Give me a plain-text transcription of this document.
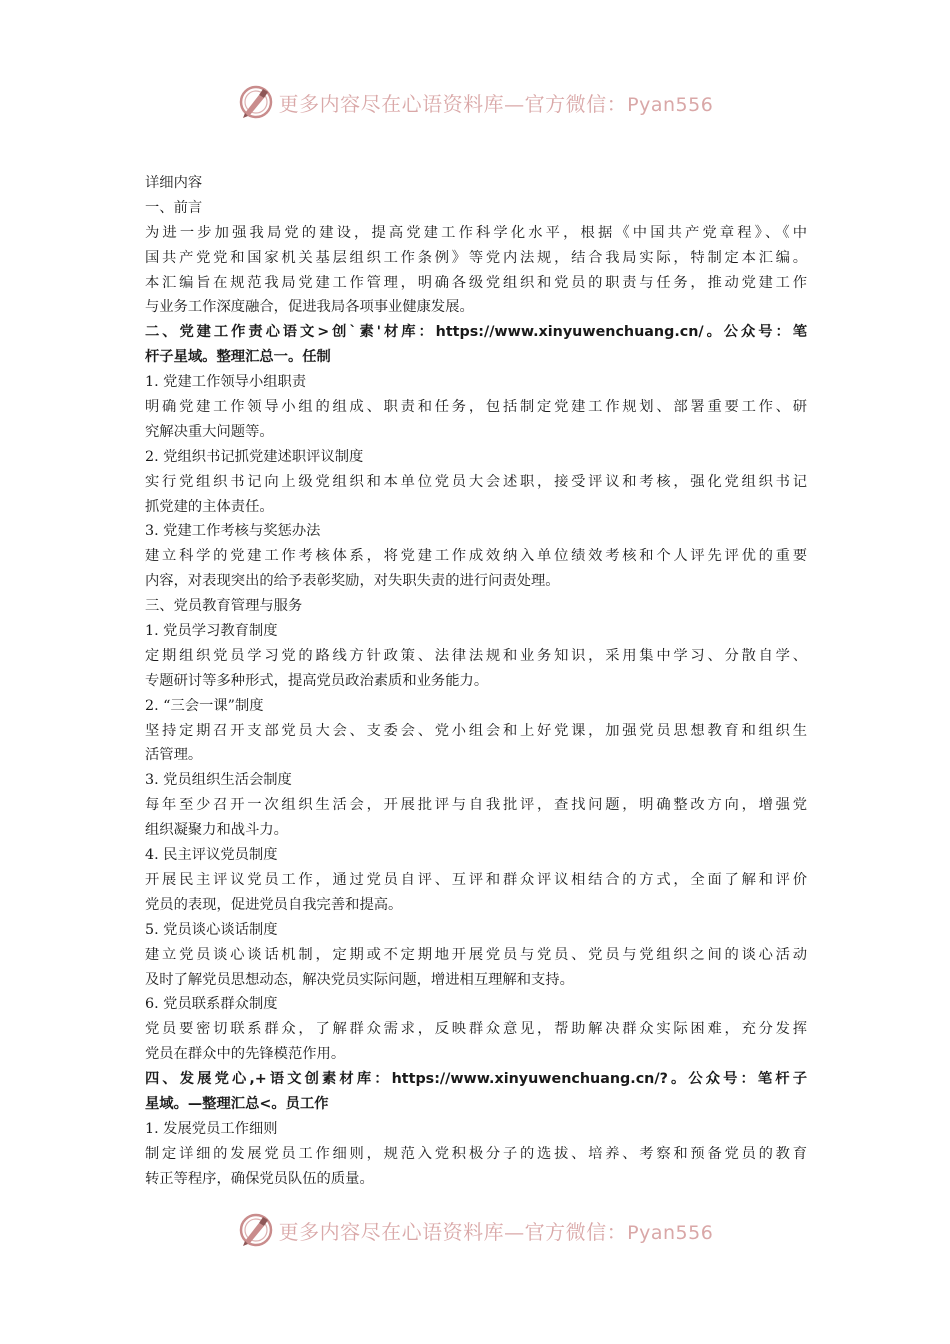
更多内容尽在心语资料库—官方微信：Pyan556
详细内容
一、前言
为进一步加强我局党的建设，提高党建工作科学化水平，根据《中国共产党章程》、《中
国共产党党和国家机关基层组织工作条例》等党内法规，结合我局实际，特制定本汇编。
本汇编旨在规范我局党建工作管理，明确各级党组织和党员的职责与任务，推动党建工作
与业务工作深度融合，促进我局各项事业健康发展。
二、党建工作责心语文>创`素'材库：https://www.xinyuwenchuang.cn/。公众号：笔
杆子星域。整理汇总一。任制
1. 党建工作领导小组职责
明确党建工作领导小组的组成、职责和任务，包括制定党建工作规划、部署重要工作、研
究解决重大问题等。
2. 党组织书记抓党建述职评议制度
实行党组织书记向上级党组织和本单位党员大会述职，接受评议和考核，强化党组织书记
抓党建的主体责任。
3. 党建工作考核与奖惩办法
建立科学的党建工作考核体系，将党建工作成效纳入单位绩效考核和个人评先评优的重要
内容，对表现突出的给予表彰奖励，对失职失责的进行问责处理。
三、党员教育管理与服务
1. 党员学习教育制度
定期组织党员学习党的路线方针政策、法律法规和业务知识，采用集中学习、分散自学、
专题研讨等多种形式，提高党员政治素质和业务能力。
2. “三会一课”制度
坚持定期召开支部党员大会、支委会、党小组会和上好党课，加强党员思想教育和组织生
活管理。
3. 党员组织生活会制度
每年至少召开一次组织生活会，开展批评与自我批评，查找问题，明确整改方向，增强党
组织凝聚力和战斗力。
4. 民主评议党员制度
开展民主评议党员工作，通过党员自评、互评和群众评议相结合的方式，全面了解和评价
党员的表现，促进党员自我完善和提高。
5. 党员谈心谈话制度
建立党员谈心谈话机制，定期或不定期地开展党员与党员、党员与党组织之间的谈心活动
及时了解党员思想动态，解决党员实际问题，增进相互理解和支持。
6. 党员联系群众制度
党员要密切联系群众，了解群众需求，反映群众意见，帮助解决群众实际困难，充分发挥
党员在群众中的先锋模范作用。
四、发展党心,+语文创素材库：https://www.xinyuwenchuang.cn/?。公众号：笔杆子
星域。—整理汇总<。员工作
1. 发展党员工作细则
制定详细的发展党员工作细则，规范入党积极分子的选拔、培养、考察和预备党员的教育
转正等程序，确保党员队伍的质量。
更多内容尽在心语资料库—官方微信：Pyan556
